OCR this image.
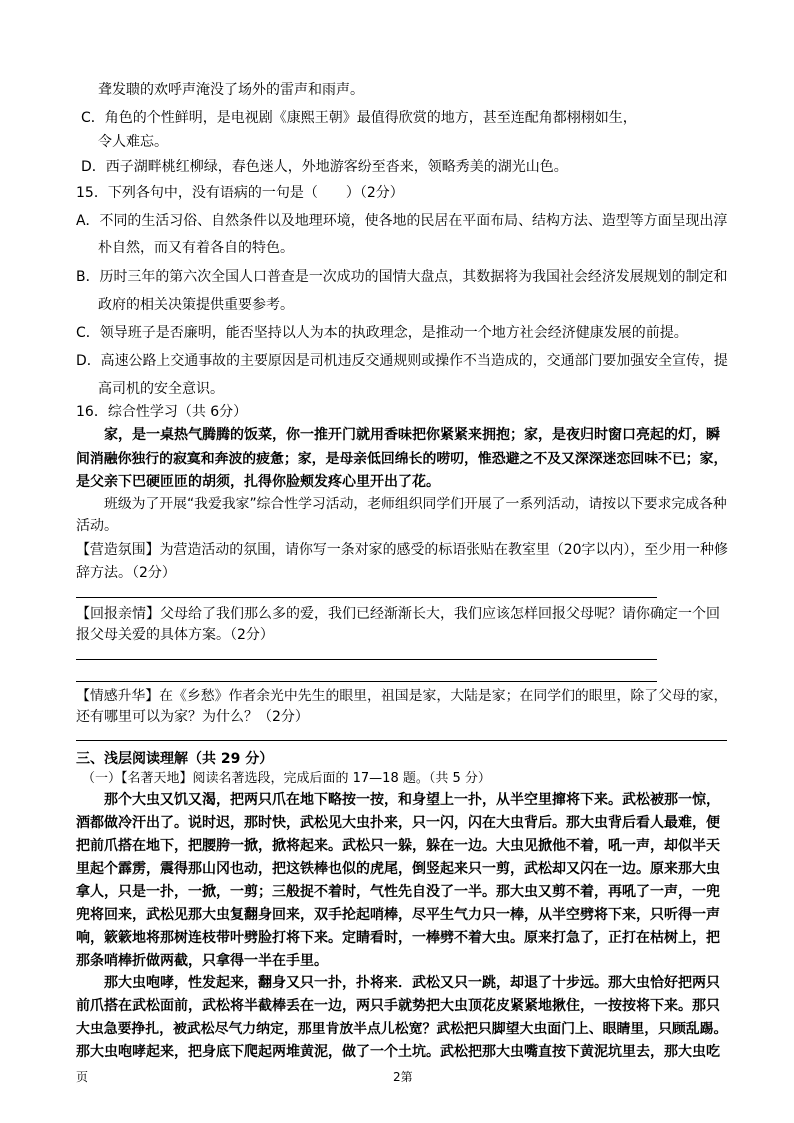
聋发聩的欢呼声淹没了场外的雷声和雨声。
C．角色的个性鲜明，是电视剧《康熙王朝》最值得欣赏的地方，甚至连配角都栩栩如生，
令人难忘。
D．西子湖畔桃红柳绿，春色迷人，外地游客纷至沓来，领略秀美的湖光山色。
15．下列各句中，没有语病的一句是（　　）（2分）
A．不同的生活习俗、自然条件以及地理环境，使各地的民居在平面布局、结构方法、造型等方面呈现出淳
朴自然，而又有着各自的特色。
B．历时三年的第六次全国人口普查是一次成功的国情大盘点，其数据将为我国社会经济发展规划的制定和
政府的相关决策提供重要参考。
C．领导班子是否廉明，能否坚持以人为本的执政理念，是推动一个地方社会经济健康发展的前提。
D．高速公路上交通事故的主要原因是司机违反交通规则或操作不当造成的，交通部门要加强安全宣传，提
高司机的安全意识。
16．综合性学习（共 6分）
家，是一桌热气腾腾的饭菜，你一推开门就用香味把你紧紧来拥抱；家，是夜归时窗口亮起的灯，瞬
间消融你独行的寂寞和奔波的疲惫；家，是母亲低回绵长的唠叨，惟恐避之不及又深深迷恋回味不已；家，
是父亲下巴硬匝匝的胡须，扎得你脸颊发疼心里开出了花。
班级为了开展“我爱我家”综合性学习活动，老师组织同学们开展了一系列活动，请按以下要求完成各种
活动。
【营造氛围】为营造活动的氛围，请你写一条对家的感受的标语张贴在教室里（20字以内），至少用一种修
辞方法。（2分）
【回报亲情】父母给了我们那么多的爱，我们已经渐渐长大，我们应该怎样回报父母呢？请你确定一个回
报父母关爱的具体方案。（2分）
【情感升华】在《乡愁》作者余光中先生的眼里，祖国是家，大陆是家；在同学们的眼里，除了父母的家，
还有哪里可以为家？为什么？（2分）
三、浅层阅读理解（共 29 分）
（一）【名著天地】阅读名著选段，完成后面的 17—18 题。（共 5 分）
那个大虫又饥又渴，把两只爪在地下略按一按，和身望上一扑，从半空里撺将下来。武松被那一惊，
酒都做冷汗出了。说时迟，那时快，武松见大虫扑来，只一闪，闪在大虫背后。那大虫背后看人最难，便
把前爪搭在地下，把腰胯一掀，掀将起来。武松只一躲，躲在一边。大虫见掀他不着，吼一声，却似半天
里起个霹雳，震得那山冈也动，把这铁棒也似的虎尾，倒竖起来只一剪，武松却又闪在一边。原来那大虫
拿人，只是一扑，一掀，一剪；三般捉不着时，气性先自没了一半。那大虫又剪不着，再吼了一声，一兜
兜将回来，武松见那大虫复翻身回来，双手抡起哨棒，尽平生气力只一棒，从半空劈将下来，只听得一声
响，簌簌地将那树连枝带叶劈脸打将下来。定睛看时，一棒劈不着大虫。原来打急了，正打在枯树上，把
那条哨棒折做两截，只拿得一半在手里。
那大虫咆哮，性发起来，翻身又只一扑，扑将来．武松又只一跳，却退了十步远。那大虫恰好把两只
前爪搭在武松面前，武松将半截棒丢在一边，两只手就势把大虫顶花皮紧紧地揪住，一按按将下来。那只
大虫急要挣扎，被武松尽气力纳定，那里肯放半点儿松宽？武松把只脚望大虫面门上、眼睛里，只顾乱踢。
那大虫咆哮起来，把身底下爬起两堆黄泥，做了一个土坑。武松把那大虫嘴直按下黄泥坑里去，那大虫吃
页	2第
